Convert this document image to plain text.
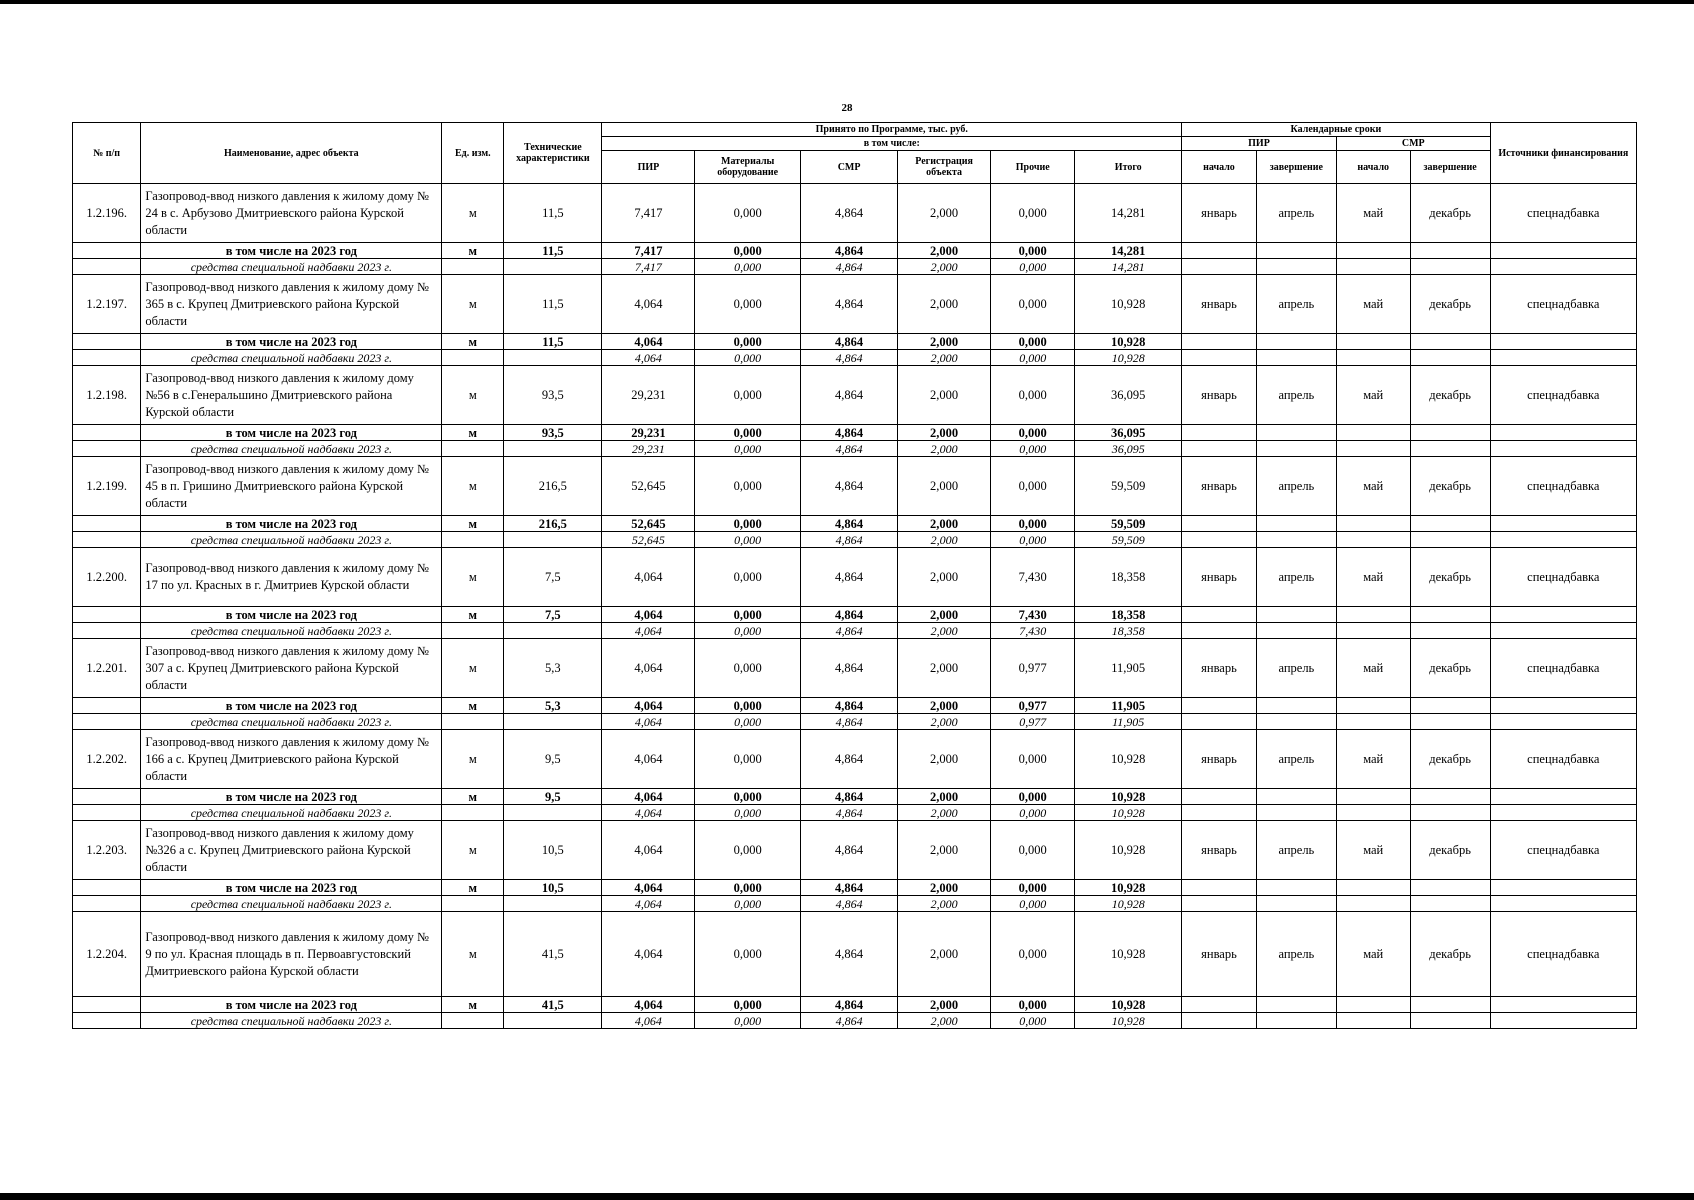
28
№ п/п	Наименование, адрес объекта	Ед. изм.	Технические характеристики	Принято по Программе, тыс. руб.						Календарные сроки				Источники финансирования
				в том числе:						ПИР		СМР		
				ПИР	Материалы оборудование	СМР	Регистрация объекта	Прочие	Итого	начало	завершение	начало	завершение	
1.2.196.	Газопровод-ввод низкого давления к жилому дому № 24 в с. Арбузово Дмитриевского района Курской области	м	11,5	7,417	0,000	4,864	2,000	0,000	14,281	январь	апрель	май	декабрь	спецнадбавка
	в том числе на 2023 год	м	11,5	7,417	0,000	4,864	2,000	0,000	14,281					
	средства специальной надбавки 2023 г.			7,417	0,000	4,864	2,000	0,000	14,281					
1.2.197.	Газопровод-ввод низкого давления к жилому дому № 365 в с. Крупец Дмитриевского района Курской области	м	11,5	4,064	0,000	4,864	2,000	0,000	10,928	январь	апрель	май	декабрь	спецнадбавка
	в том числе на 2023 год	м	11,5	4,064	0,000	4,864	2,000	0,000	10,928					
	средства специальной надбавки 2023 г.			4,064	0,000	4,864	2,000	0,000	10,928					
1.2.198.	Газопровод-ввод низкого давления к жилому дому №56 в с.Генеральшино Дмитриевского района Курской области	м	93,5	29,231	0,000	4,864	2,000	0,000	36,095	январь	апрель	май	декабрь	спецнадбавка
	в том числе на 2023 год	м	93,5	29,231	0,000	4,864	2,000	0,000	36,095					
	средства специальной надбавки 2023 г.			29,231	0,000	4,864	2,000	0,000	36,095					
1.2.199.	Газопровод-ввод низкого давления к жилому дому № 45 в п. Гришино Дмитриевского района Курской области	м	216,5	52,645	0,000	4,864	2,000	0,000	59,509	январь	апрель	май	декабрь	спецнадбавка
	в том числе на 2023 год	м	216,5	52,645	0,000	4,864	2,000	0,000	59,509					
	средства специальной надбавки 2023 г.			52,645	0,000	4,864	2,000	0,000	59,509					
1.2.200.	Газопровод-ввод низкого давления к жилому дому № 17 по ул. Красных в г. Дмитриев Курской области	м	7,5	4,064	0,000	4,864	2,000	7,430	18,358	январь	апрель	май	декабрь	спецнадбавка
	в том числе на 2023 год	м	7,5	4,064	0,000	4,864	2,000	7,430	18,358					
	средства специальной надбавки 2023 г.			4,064	0,000	4,864	2,000	7,430	18,358					
1.2.201.	Газопровод-ввод низкого давления к жилому дому № 307 а с. Крупец Дмитриевского района Курской области	м	5,3	4,064	0,000	4,864	2,000	0,977	11,905	январь	апрель	май	декабрь	спецнадбавка
	в том числе на 2023 год	м	5,3	4,064	0,000	4,864	2,000	0,977	11,905					
	средства специальной надбавки 2023 г.			4,064	0,000	4,864	2,000	0,977	11,905					
1.2.202.	Газопровод-ввод низкого давления к жилому дому № 166 а с. Крупец Дмитриевского района Курской области	м	9,5	4,064	0,000	4,864	2,000	0,000	10,928	январь	апрель	май	декабрь	спецнадбавка
	в том числе на 2023 год	м	9,5	4,064	0,000	4,864	2,000	0,000	10,928					
	средства специальной надбавки 2023 г.			4,064	0,000	4,864	2,000	0,000	10,928					
1.2.203.	Газопровод-ввод низкого давления к жилому дому №326 а с. Крупец Дмитриевского района Курской области	м	10,5	4,064	0,000	4,864	2,000	0,000	10,928	январь	апрель	май	декабрь	спецнадбавка
	в том числе на 2023 год	м	10,5	4,064	0,000	4,864	2,000	0,000	10,928					
	средства специальной надбавки 2023 г.			4,064	0,000	4,864	2,000	0,000	10,928					
1.2.204.	Газопровод-ввод низкого давления к жилому дому № 9 по ул. Красная площадь в п. Первоавгустовский Дмитриевского района Курской области	м	41,5	4,064	0,000	4,864	2,000	0,000	10,928	январь	апрель	май	декабрь	спецнадбавка
	в том числе на 2023 год	м	41,5	4,064	0,000	4,864	2,000	0,000	10,928					
	средства специальной надбавки 2023 г.			4,064	0,000	4,864	2,000	0,000	10,928					
